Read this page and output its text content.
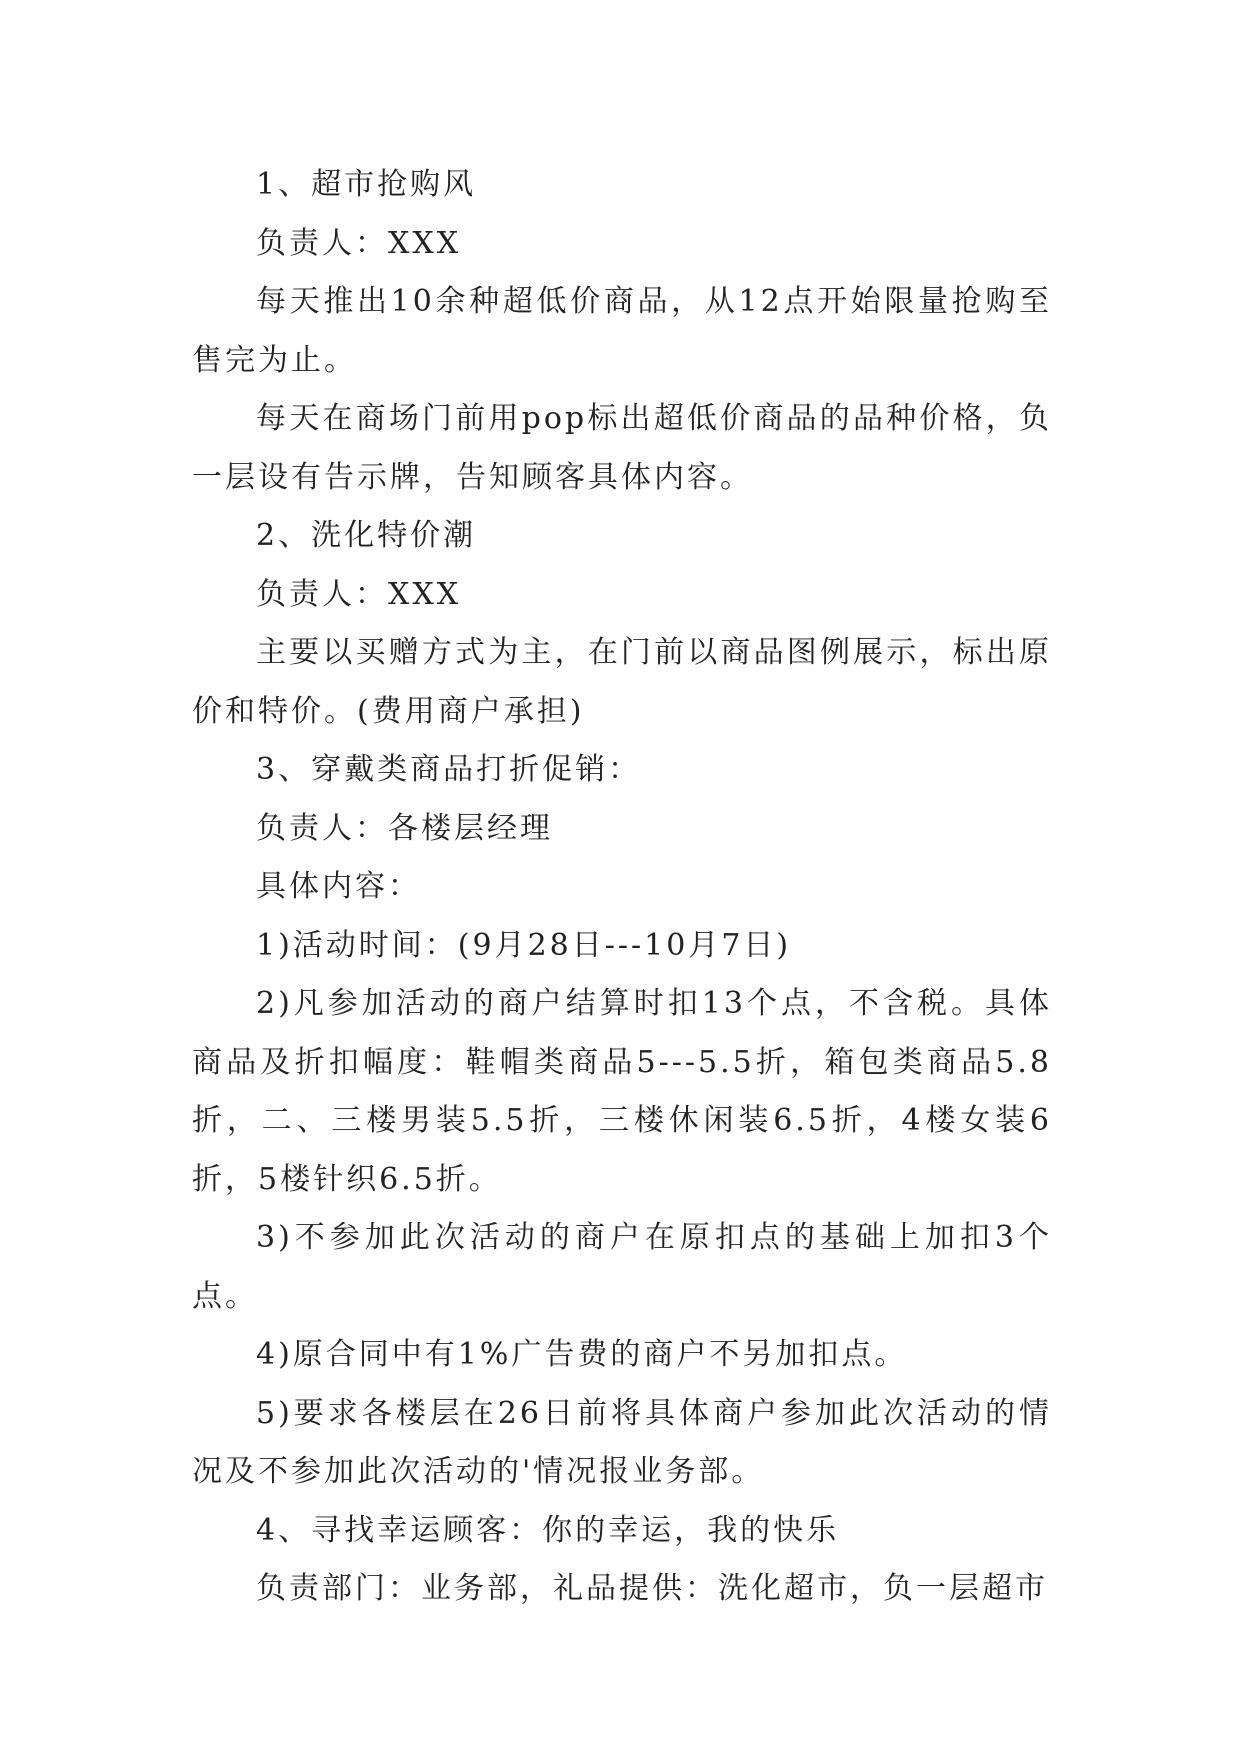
1、超市抢购风

负责人：XXX

每天推出10余种超低价商品，从12点开始限量抢购至售完为止。

每天在商场门前用pop标出超低价商品的品种价格，负一层设有告示牌，告知顾客具体内容。

2、洗化特价潮

负责人：XXX

主要以买赠方式为主，在门前以商品图例展示，标出原价和特价。(费用商户承担)

3、穿戴类商品打折促销：

负责人：各楼层经理

具体内容：

1)活动时间：(9月28日---10月7日)

2)凡参加活动的商户结算时扣13个点，不含税。具体商品及折扣幅度：鞋帽类商品5---5.5折，箱包类商品5.8折，二、三楼男装5.5折，三楼休闲装6.5折，4楼女装6折，5楼针织6.5折。

3)不参加此次活动的商户在原扣点的基础上加扣3个点。

4)原合同中有1%广告费的商户不另加扣点。

5)要求各楼层在26日前将具体商户参加此次活动的情况及不参加此次活动的'情况报业务部。

4、寻找幸运顾客：你的幸运，我的快乐

负责部门：业务部，礼品提供：洗化超市，负一层超市
